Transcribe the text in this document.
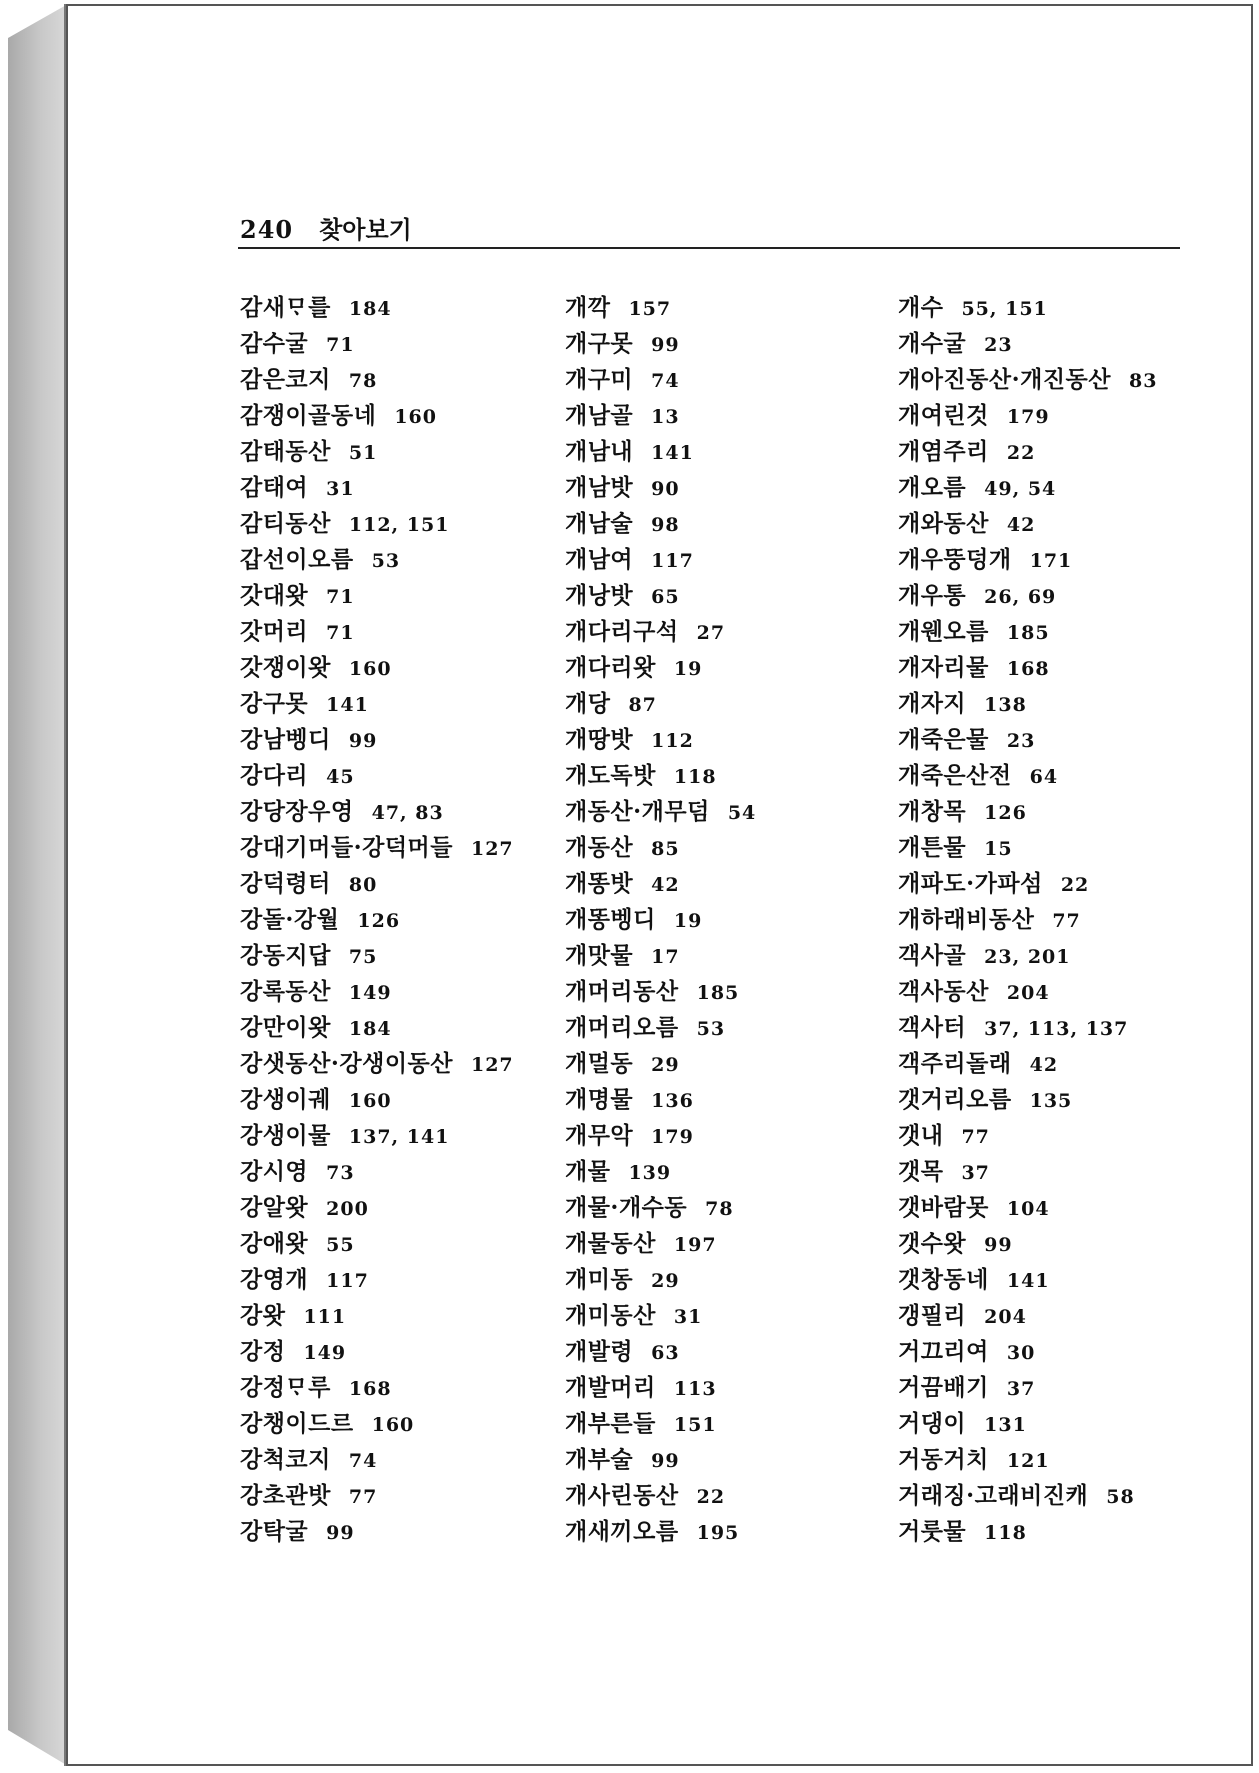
240 찾아보기
감새ᄆᆞ를 184
감수굴 71
감은코지 78
감쟁이골동네 160
감태동산 51
감태여 31
감티동산 112, 151
갑선이오름 53
갓대왓 71
갓머리 71
갓쟁이왓 160
강구못 141
강남벵디 99
강다리 45
강당장우영 47, 83
강대기머들·강덕머들 127
강덕령터 80
강돌·강월 126
강동지답 75
강록동산 149
강만이왓 184
강샛동산·강생이동산 127
강생이궤 160
강생이물 137, 141
강시영 73
강알왓 200
강애왓 55
강영개 117
강왓 111
강정 149
강정ᄆᆞ루 168
강챙이드르 160
강척코지 74
강초관밧 77
강탁굴 99
개깍 157
개구못 99
개구미 74
개남골 13
개남내 141
개남밧 90
개남술 98
개남여 117
개낭밧 65
개다리구석 27
개다리왓 19
개당 87
개땅밧 112
개도독밧 118
개동산·개무덤 54
개동산 85
개똥밧 42
개똥벵디 19
개맛물 17
개머리동산 185
개머리오름 53
개멀동 29
개명물 136
개무악 179
개물 139
개물·개수동 78
개물동산 197
개미동 29
개미동산 31
개발령 63
개발머리 113
개부른들 151
개부술 99
개사린동산 22
개새끼오름 195
개수 55, 151
개수굴 23
개아진동산·개진동산 83
개여린것 179
개염주리 22
개오름 49, 54
개와동산 42
개우뚱덩개 171
개우통 26, 69
개웬오름 185
개자리물 168
개자지 138
개죽은물 23
개죽은산전 64
개창목 126
개튼물 15
개파도·가파섬 22
개하래비동산 77
객사골 23, 201
객사동산 204
객사터 37, 113, 137
객주리돌래 42
갯거리오름 135
갯내 77
갯목 37
갯바람못 104
갯수왓 99
갯창동네 141
갱필리 204
거끄리여 30
거끔배기 37
거댕이 131
거동거치 121
거래징·고래비진캐 58
거룻물 118
